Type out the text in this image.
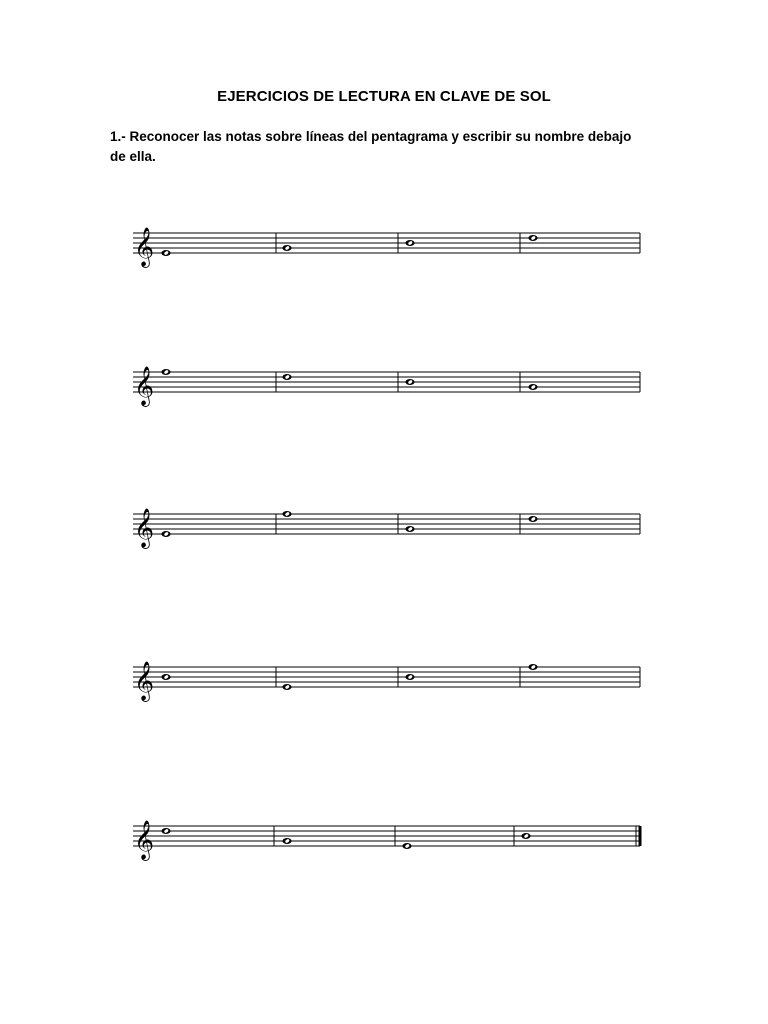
EJERCICIOS DE LECTURA EN CLAVE DE SOL
1.- Reconocer las notas sobre líneas del pentagrama y escribir su nombre debajo de ella.
𝄞
𝄞
𝄞
𝄞
𝄞
